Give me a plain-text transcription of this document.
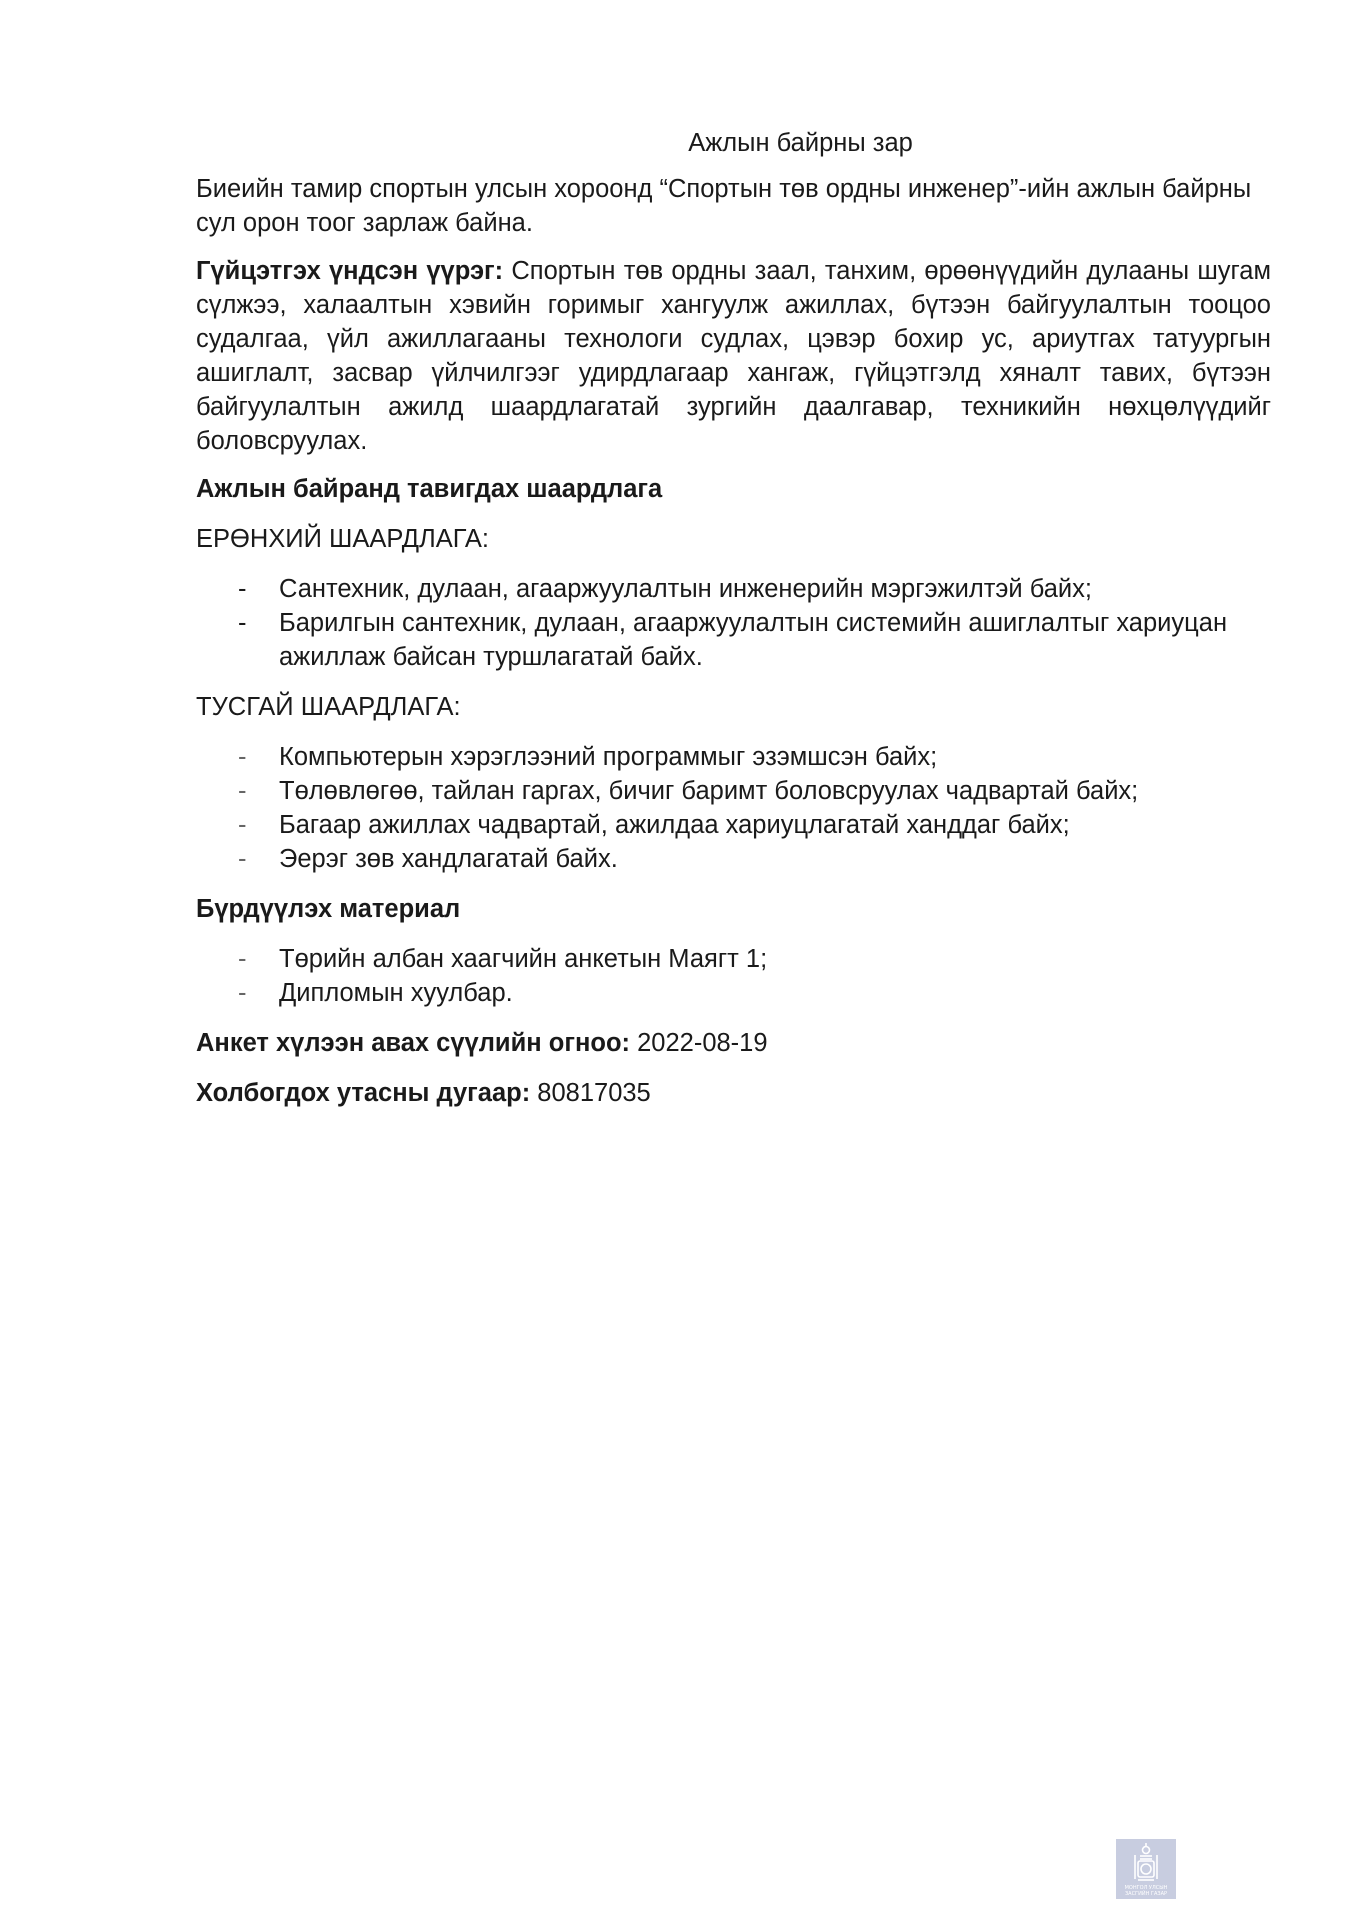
Ажлын байрны зар

Биеийн тамир спортын улсын хороонд “Спортын төв ордны инженер”-ийн ажлын байрны сул орон тоог зарлаж байна.

Гүйцэтгэх үндсэн үүрэг: Спортын төв ордны заал, танхим, өрөөнүүдийн дулааны шугам сүлжээ, халаалтын хэвийн горимыг хангуулж ажиллах, бүтээн байгуулалтын тооцоо судалгаа, үйл ажиллагааны технологи судлах, цэвэр бохир ус, ариутгах татуургын ашиглалт, засвар үйлчилгээг удирдлагаар хангаж, гүйцэтгэлд хяналт тавих, бүтээн байгуулалтын ажилд шаардлагатай зургийн даалгавар, техникийн нөхцөлүүдийг боловсруулах.

Ажлын байранд тавигдах шаардлага

ЕРӨНХИЙ ШААРДЛАГА:

- Сантехник, дулаан, агааржуулалтын инженерийн мэргэжилтэй байх;
- Барилгын сантехник, дулаан, агааржуулалтын системийн ашиглалтыг хариуцан ажиллаж байсан туршлагатай байх.

ТУСГАЙ ШААРДЛАГА:

- Компьютерын хэрэглээний программыг эзэмшсэн байх;
- Төлөвлөгөө, тайлан гаргах, бичиг баримт боловсруулах чадвартай байх;
- Багаар ажиллах чадвартай, ажилдаа хариуцлагатай ханддаг байх;
- Эерэг зөв хандлагатай байх.

Бүрдүүлэх материал

- Төрийн албан хаагчийн анкетын Маягт 1;
- Дипломын хуулбар.

Анкет хүлээн авах сүүлийн огноо: 2022-08-19

Холбогдох утасны дугаар: 80817035

МОНГОЛ УЛСЫН
ЗАСГИЙН ГАЗАР
